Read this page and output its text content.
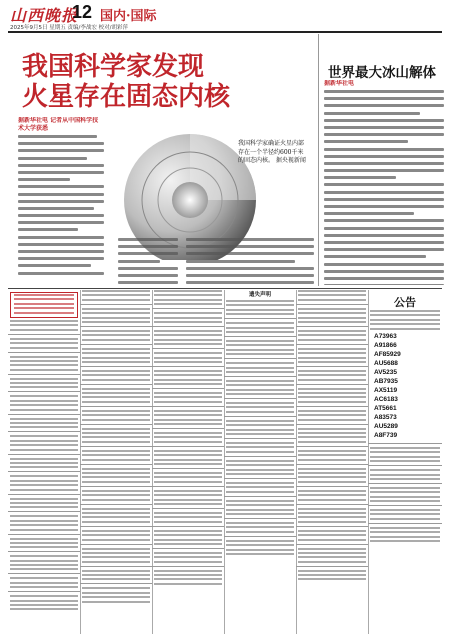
山西晚报
12 国内·国际
2025年9月5日 星期五 责编/李战宏 校对/胡彩萍
我国科学家发现
火星存在固态内核
据新华社电 记者从中国科学技术大学获悉
我国科学家确证火星内部存在一个半径约600千米的固态内核。 据央视新闻
世界最大冰山解体
据新华社电
遗失声明
公告
A73963
A91866
AF85929
AU5688
AV5235
AB7935
AX5119
AC6183
AT5661
A83573
AU5289
A8F739
